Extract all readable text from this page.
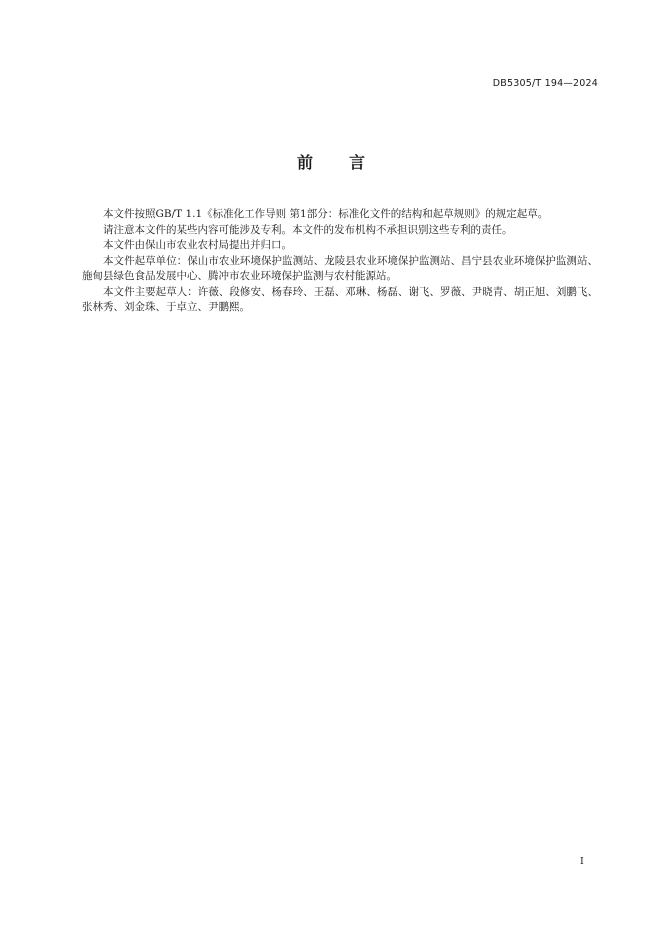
DB5305/T 194—2024
前言

本文件按照GB/T 1.1《标准化工作导则 第1部分：标准化文件的结构和起草规则》的规定起草。

请注意本文件的某些内容可能涉及专利。本文件的发布机构不承担识别这些专利的责任。

本文件由保山市农业农村局提出并归口。

本文件起草单位：保山市农业环境保护监测站、龙陵县农业环境保护监测站、昌宁县农业环境保护监测站、施甸县绿色食品发展中心、腾冲市农业环境保护监测与农村能源站。

本文件主要起草人：许薇、段修安、杨春玲、王磊、邓琳、杨磊、谢飞、罗薇、尹晓青、胡正旭、刘鹏飞、张林秀、刘金珠、于卓立、尹鹏熙。

I
